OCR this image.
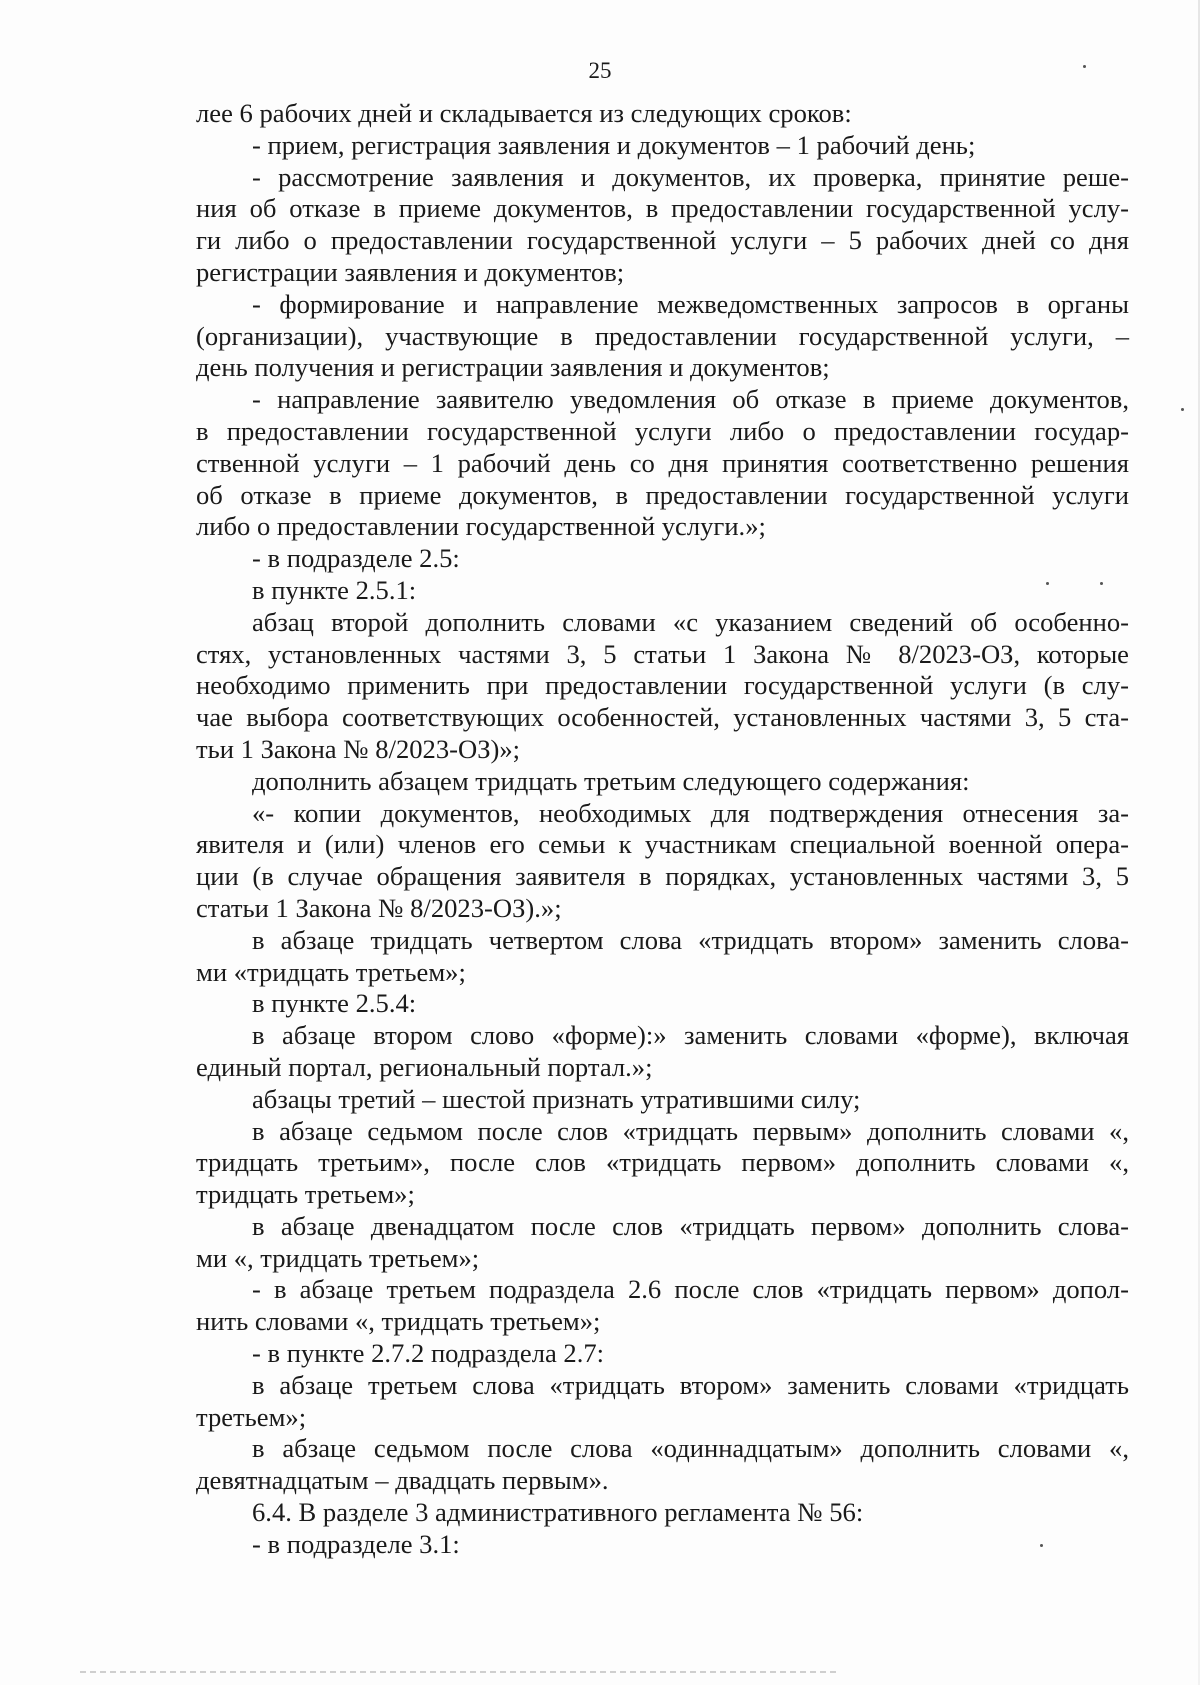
25

лее 6 рабочих дней и складывается из следующих сроков:

- прием, регистрация заявления и документов – 1 рабочий день;

- рассмотрение заявления и документов, их проверка, принятие реше-

ния об отказе в приеме документов, в предоставлении государственной услу-

ги либо о предоставлении государственной услуги – 5 рабочих дней со дня

регистрации заявления и документов;

- формирование и направление межведомственных запросов в органы

(организации), участвующие в предоставлении государственной услуги, –

день получения и регистрации заявления и документов;

- направление заявителю уведомления об отказе в приеме документов,

в предоставлении государственной услуги либо о предоставлении государ-

ственной услуги – 1 рабочий день со дня принятия соответственно решения

об отказе в приеме документов, в предоставлении государственной услуги

либо о предоставлении государственной услуги.»;

- в подразделе 2.5:

в пункте 2.5.1:

абзац второй дополнить словами «с указанием сведений об особенно-

стях, установленных частями 3, 5 статьи 1 Закона № 8/2023-ОЗ, которые

необходимо применить при предоставлении государственной услуги (в слу-

чае выбора соответствующих особенностей, установленных частями 3, 5 ста-

тьи 1 Закона № 8/2023-ОЗ)»;

дополнить абзацем тридцать третьим следующего содержания:

«- копии документов, необходимых для подтверждения отнесения за-

явителя и (или) членов его семьи к участникам специальной военной опера-

ции (в случае обращения заявителя в порядках, установленных частями 3, 5

статьи 1 Закона № 8/2023-ОЗ).»;

в абзаце тридцать четвертом слова «тридцать втором» заменить слова-

ми «тридцать третьем»;

в пункте 2.5.4:

в абзаце втором слово «форме):» заменить словами «форме), включая

единый портал, региональный портал.»;

абзацы третий – шестой признать утратившими силу;

в абзаце седьмом после слов «тридцать первым» дополнить словами «,

тридцать третьим», после слов «тридцать первом» дополнить словами «,

тридцать третьем»;

в абзаце двенадцатом после слов «тридцать первом» дополнить слова-

ми «, тридцать третьем»;

- в абзаце третьем подраздела 2.6 после слов «тридцать первом» допол-

нить словами «, тридцать третьем»;

- в пункте 2.7.2 подраздела 2.7:

в абзаце третьем слова «тридцать втором» заменить словами «тридцать

третьем»;

в абзаце седьмом после слова «одиннадцатым» дополнить словами «,

девятнадцатым – двадцать первым».

6.4. В разделе 3 административного регламента № 56:

- в подразделе 3.1:
